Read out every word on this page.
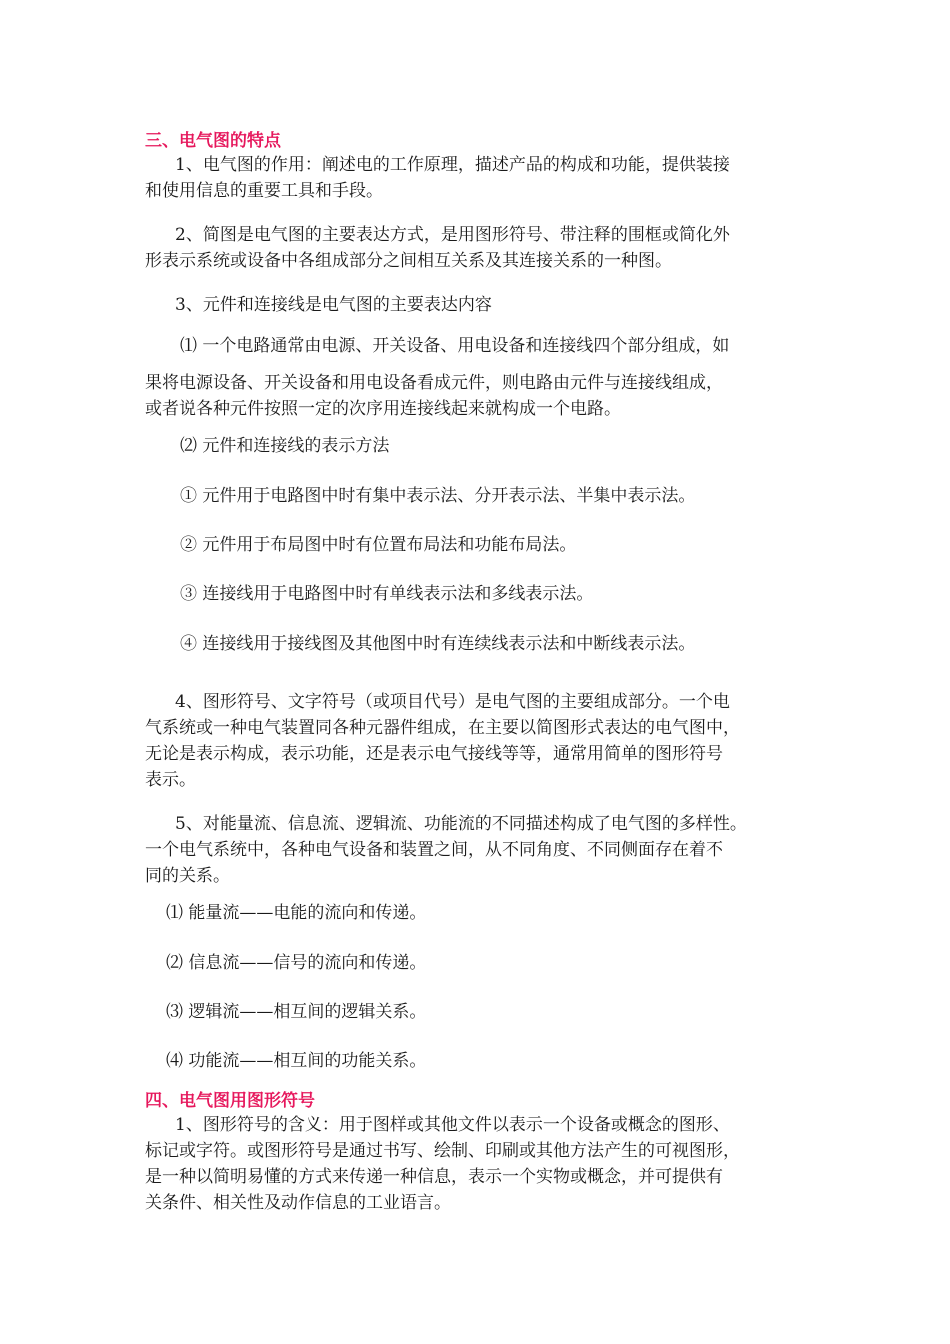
三、电气图的特点
1、电气图的作用：阐述电的工作原理，描述产品的构成和功能，提供装接
和使用信息的重要工具和手段。
2、简图是电气图的主要表达方式，是用图形符号、带注释的围框或简化外
形表示系统或设备中各组成部分之间相互关系及其连接关系的一种图。
3、元件和连接线是电气图的主要表达内容
⑴ 一个电路通常由电源、开关设备、用电设备和连接线四个部分组成，如
果将电源设备、开关设备和用电设备看成元件，则电路由元件与连接线组成，
或者说各种元件按照一定的次序用连接线起来就构成一个电路。
⑵ 元件和连接线的表示方法
① 元件用于电路图中时有集中表示法、分开表示法、半集中表示法。
② 元件用于布局图中时有位置布局法和功能布局法。
③ 连接线用于电路图中时有单线表示法和多线表示法。
④ 连接线用于接线图及其他图中时有连续线表示法和中断线表示法。
4、图形符号、文字符号（或项目代号）是电气图的主要组成部分。一个电
气系统或一种电气装置同各种元器件组成，在主要以简图形式表达的电气图中，
无论是表示构成，表示功能，还是表示电气接线等等，通常用简单的图形符号
表示。
5、对能量流、信息流、逻辑流、功能流的不同描述构成了电气图的多样性。
一个电气系统中，各种电气设备和装置之间，从不同角度、不同侧面存在着不
同的关系。
⑴ 能量流——电能的流向和传递。
⑵ 信息流——信号的流向和传递。
⑶ 逻辑流——相互间的逻辑关系。
⑷ 功能流——相互间的功能关系。
四、电气图用图形符号
1、图形符号的含义：用于图样或其他文件以表示一个设备或概念的图形、
标记或字符。或图形符号是通过书写、绘制、印刷或其他方法产生的可视图形，
是一种以简明易懂的方式来传递一种信息，表示一个实物或概念，并可提供有
关条件、相关性及动作信息的工业语言。
